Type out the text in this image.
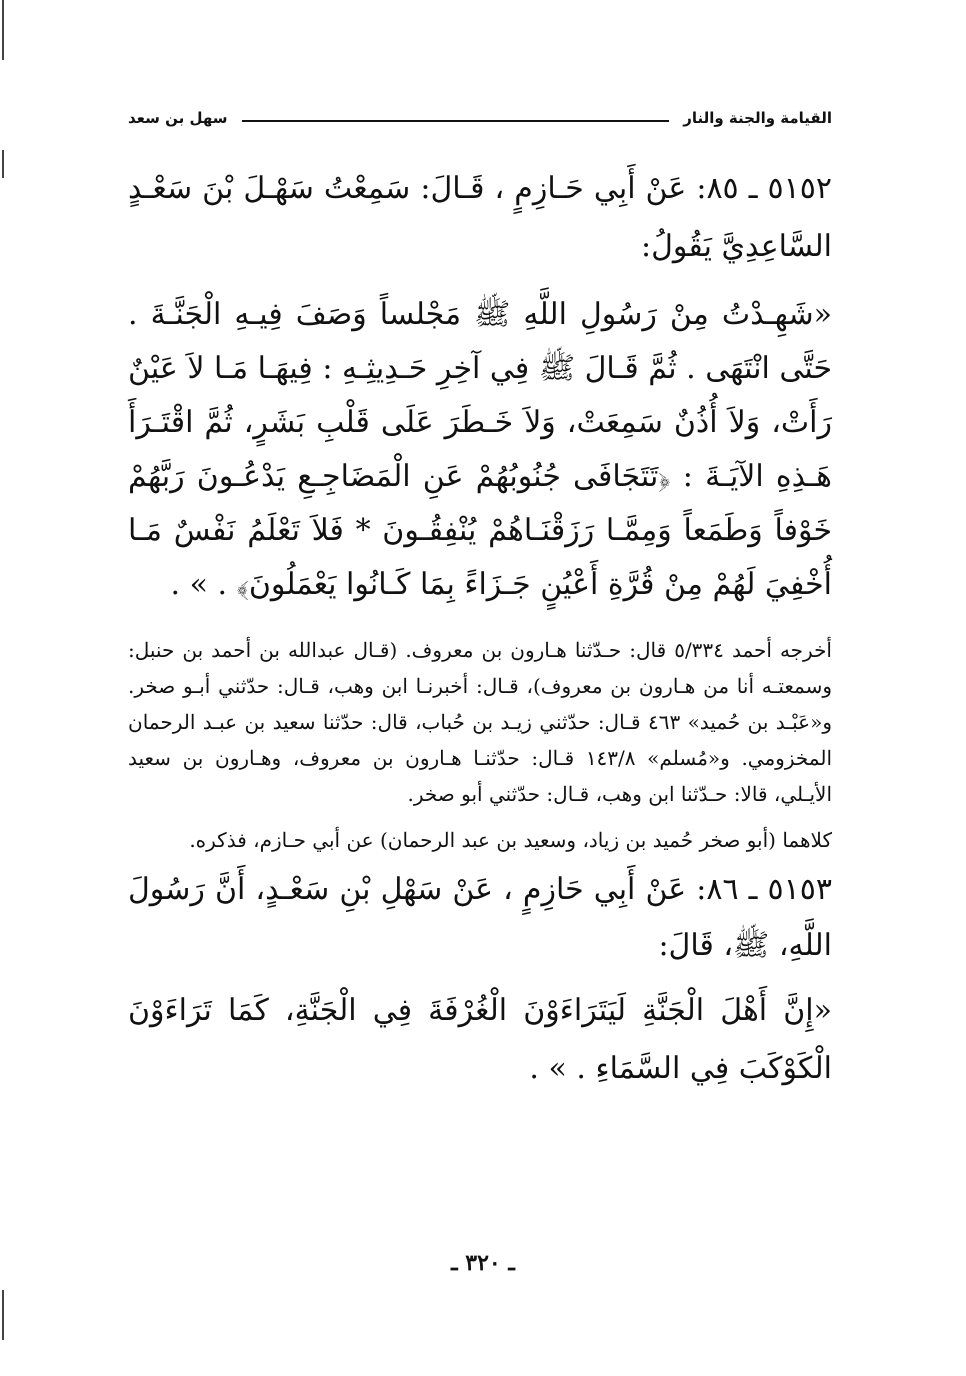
سهل بن سعد	القيامة والجنة والنار

٥١٥٢ ـ ٨٥: عَنْ أَبِي حَـازِمٍ ، قَـالَ: سَمِعْتُ سَهْـلَ بْنَ سَعْـدٍ السَّاعِدِيَّ يَقُولُ:

«شَهِـدْتُ مِنْ رَسُولِ اللَّهِ ﷺ مَجْلساً وَصَفَ فِيـهِ الْجَنَّـةَ . حَتَّى انْتَهَى . ثُمَّ قَـالَ ﷺ فِي آخِرِ حَـدِيثِـهِ : فِيهَـا مَـا لاَ عَيْنٌ رَأَتْ، وَلاَ أُذُنٌ سَمِعَتْ، وَلاَ خَـطَرَ عَلَى قَلْبِ بَشَرٍ، ثُمَّ اقْتَـرَأَ هَـذِهِ الآيَـةَ : ﴿تَتَجَافَى جُنُوبُهُمْ عَنِ الْمَضَاجِـعِ يَدْعُـونَ رَبَّهُمْ خَوْفاً وَطَمَعاً وَمِمَّـا رَزَقْنَـاهُمْ يُنْفِقُـونَ * فَلاَ تَعْلَمُ نَفْسٌ مَـا أُخْفِيَ لَهُمْ مِنْ قُرَّةِ أَعْيُنٍ جَـزَاءً بِمَا كَـانُوا يَعْمَلُونَ﴾ . » .

أخرجه أحمد ٥/٣٣٤ قال: حـدّثنا هـارون بن معروف. (قـال عبدالله بن أحمد بن حنبل: وسمعتـه أنا من هـارون بن معروف)، قـال: أخبرنـا ابن وهب، قـال: حدّثني أبـو صخر. و«عَبْـد بن حُميد» ٤٦٣ قـال: حدّثني زيـد بن حُباب، قال: حدّثنا سعيد بن عبـد الرحمان المخزومي. و«مُسلم» ١٤٣/٨ قـال: حدّثنـا هـارون بن معروف، وهـارون بن سعيد الأيـلي، قالا: حـدّثنا ابن وهب، قـال: حدّثني أبو صخر.

كلاهما (أبو صخر حُميد بن زياد، وسعيد بن عبد الرحمان) عن أبي حـازم، فذكره.

٥١٥٣ ـ ٨٦: عَنْ أَبِي حَازِمٍ ، عَنْ سَهْلِ بْنِ سَعْـدٍ، أَنَّ رَسُولَ اللَّهِ، ﷺ، قَالَ:

«إِنَّ أَهْلَ الْجَنَّةِ لَيَتَرَاءَوْنَ الْغُرْفَةَ فِي الْجَنَّةِ، كَمَا تَرَاءَوْنَ الْكَوْكَبَ فِي السَّمَاءِ . » .

ـ ٣٢٠ ـ
